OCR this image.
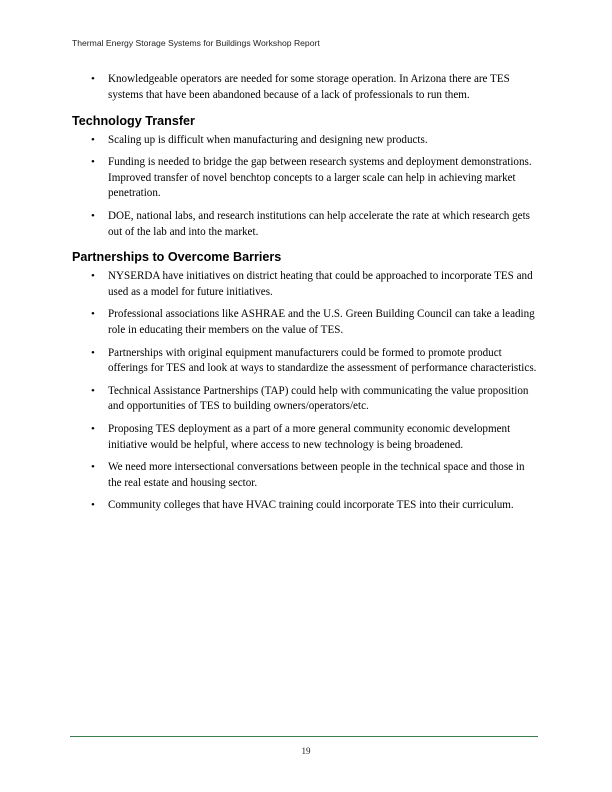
Thermal Energy Storage Systems for Buildings Workshop Report
• Knowledgeable operators are needed for some storage operation. In Arizona there are TES systems that have been abandoned because of a lack of professionals to run them.
Technology Transfer
• Scaling up is difficult when manufacturing and designing new products.
• Funding is needed to bridge the gap between research systems and deployment demonstrations. Improved transfer of novel benchtop concepts to a larger scale can help in achieving market penetration.
• DOE, national labs, and research institutions can help accelerate the rate at which research gets out of the lab and into the market.
Partnerships to Overcome Barriers
• NYSERDA have initiatives on district heating that could be approached to incorporate TES and used as a model for future initiatives.
• Professional associations like ASHRAE and the U.S. Green Building Council can take a leading role in educating their members on the value of TES.
• Partnerships with original equipment manufacturers could be formed to promote product offerings for TES and look at ways to standardize the assessment of performance characteristics.
• Technical Assistance Partnerships (TAP) could help with communicating the value proposition and opportunities of TES to building owners/operators/etc.
• Proposing TES deployment as a part of a more general community economic development initiative would be helpful, where access to new technology is being broadened.
• We need more intersectional conversations between people in the technical space and those in the real estate and housing sector.
• Community colleges that have HVAC training could incorporate TES into their curriculum.
19
